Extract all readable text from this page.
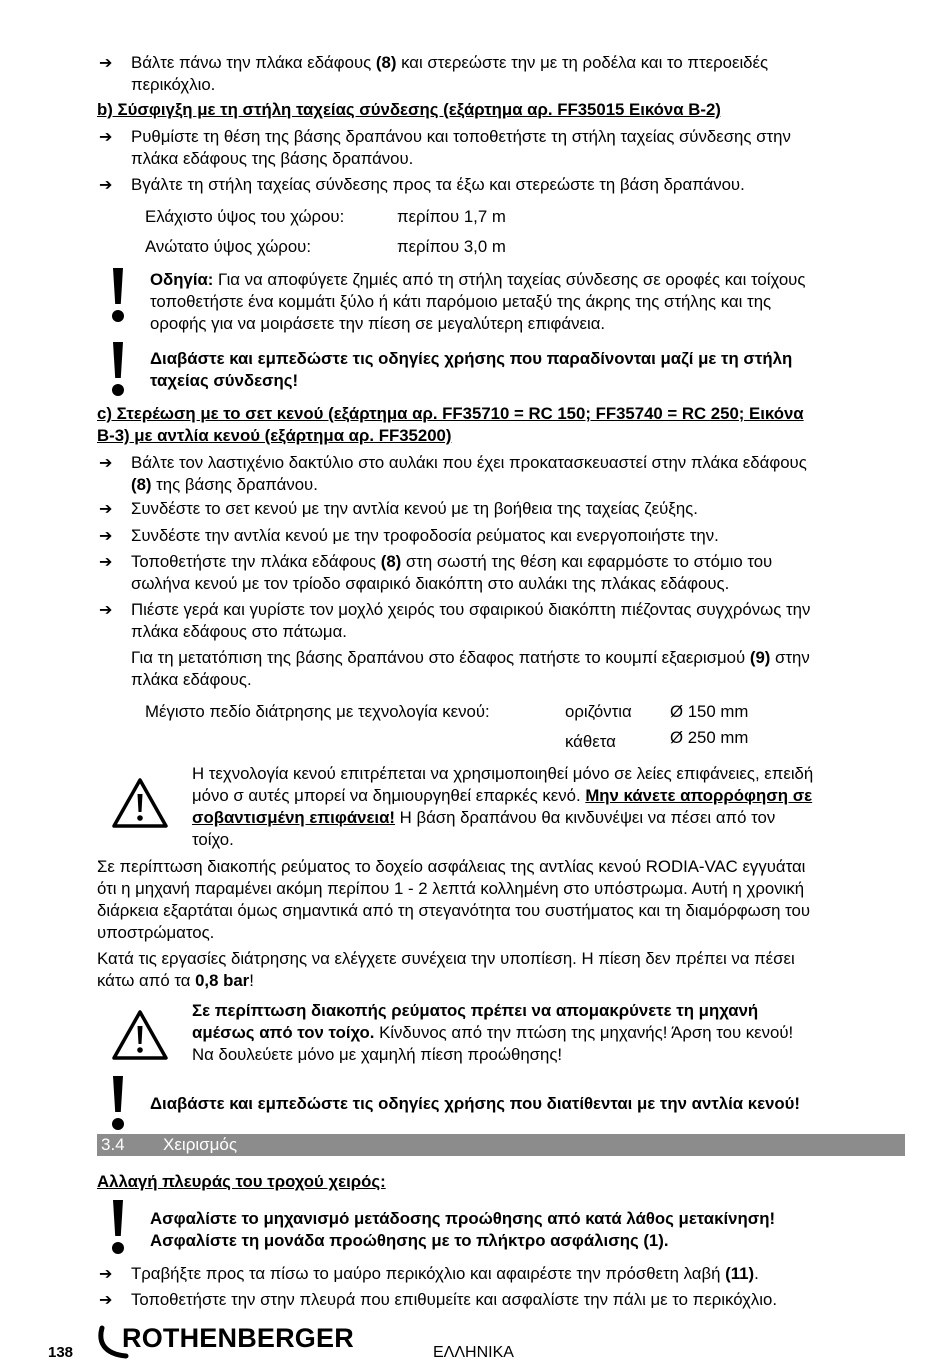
➔ Βάλτε πάνω την πλάκα εδάφους (8) και στερεώστε την με τη ροδέλα και το πτεροειδές
περικόχλιο.
b) Σύσφιγξη με τη στήλη ταχείας σύνδεσης (εξάρτημα αρ. FF35015 Εικόνα B-2)
➔ Ρυθμίστε τη θέση της βάσης δραπάνου και τοποθετήστε τη στήλη ταχείας σύνδεσης στην
πλάκα εδάφους της βάσης δραπάνου.
➔ Βγάλτε τη στήλη ταχείας σύνδεσης προς τα έξω και στερεώστε τη βάση δραπάνου.
Ελάχιστο ύψος του χώρου:	περίπου 1,7 m
Ανώτατο ύψος χώρου:	περίπου 3,0 m
Οδηγία: Για να αποφύγετε ζημιές από τη στήλη ταχείας σύνδεσης σε οροφές και τοίχους
τοποθετήστε ένα κομμάτι ξύλο ή κάτι παρόμοιο μεταξύ της άκρης της στήλης και της
οροφής για να μοιράσετε την πίεση σε μεγαλύτερη επιφάνεια.
Διαβάστε και εμπεδώστε τις οδηγίες χρήσης που παραδίνονται μαζί με τη στήλη
ταχείας σύνδεσης!
c) Στερέωση με το σετ κενού (εξάρτημα αρ. FF35710 = RC 150; FF35740 = RC 250; Εικόνα
B-3) με αντλία κενού (εξάρτημα αρ. FF35200)
➔ Βάλτε τον λαστιχένιο δακτύλιο στο αυλάκι που έχει προκατασκευαστεί στην πλάκα εδάφους
(8) της βάσης δραπάνου.
➔ Συνδέστε το σετ κενού με την αντλία κενού με τη βοήθεια της ταχείας ζεύξης.
➔ Συνδέστε την αντλία κενού με την τροφοδοσία ρεύματος και ενεργοποιήστε την.
➔ Τοποθετήστε την πλάκα εδάφους (8) στη σωστή της θέση και εφαρμόστε το στόμιο του
σωλήνα κενού με τον τρίοδο σφαιρικό διακόπτη στο αυλάκι της πλάκας εδάφους.
➔ Πιέστε γερά και γυρίστε τον μοχλό χειρός του σφαιρικού διακόπτη πιέζοντας συγχρόνως την
πλάκα εδάφους στο πάτωμα.
Για τη μετατόπιση της βάσης δραπάνου στο έδαφος πατήστε το κουμπί εξαερισμού (9) στην
πλάκα εδάφους.
Μέγιστο πεδίο διάτρησης με τεχνολογία κενού:	οριζόντια Ø 150 mm
κάθετα	Ø 250 mm
Η τεχνολογία κενού επιτρέπεται να χρησιμοποιηθεί μόνο σε λείες επιφάνειες, επειδή
μόνο σ αυτές μπορεί να δημιουργηθεί επαρκές κενό. Μην κάνετε απορρόφηση σε
σοβαντισμένη επιφάνεια! Η βάση δραπάνου θα κινδυνέψει να πέσει από τον
τοίχο.
Σε περίπτωση διακοπής ρεύματος το δοχείο ασφάλειας της αντλίας κενού RODIA-VAC εγγυάται
ότι η μηχανή παραμένει ακόμη περίπου 1 - 2 λεπτά κολλημένη στο υπόστρωμα. Αυτή η χρονική
διάρκεια εξαρτάται όμως σημαντικά από τη στεγανότητα του συστήματος και τη διαμόρφωση του
υποστρώματος.
Κατά τις εργασίες διάτρησης να ελέγχετε συνέχεια την υποπίεση. Η πίεση δεν πρέπει να πέσει
κάτω από τα 0,8 bar!
Σε περίπτωση διακοπής ρεύματος πρέπει να απομακρύνετε τη μηχανή
αμέσως από τον τοίχο. Κίνδυνος από την πτώση της μηχανής! Άρση του κενού!
Να δουλεύετε μόνο με χαμηλή πίεση προώθησης!
Διαβάστε και εμπεδώστε τις οδηγίες χρήσης που διατίθενται με την αντλία κενού!
3.4 Χειρισμός
Αλλαγή πλευράς του τροχού χειρός:
Ασφαλίστε το μηχανισμό μετάδοσης προώθησης από κατά λάθος μετακίνηση!
Ασφαλίστε τη μονάδα προώθησης με το πλήκτρο ασφάλισης (1).
➔ Τραβήξτε προς τα πίσω το μαύρο περικόχλιο και αφαιρέστε την πρόσθετη λαβή (11).
➔ Τοποθετήστε την στην πλευρά που επιθυμείτε και ασφαλίστε την πάλι με το περικόχλιο.
138 ROTHENBERGER	ΕΛΛΗΝΙΚΑ
